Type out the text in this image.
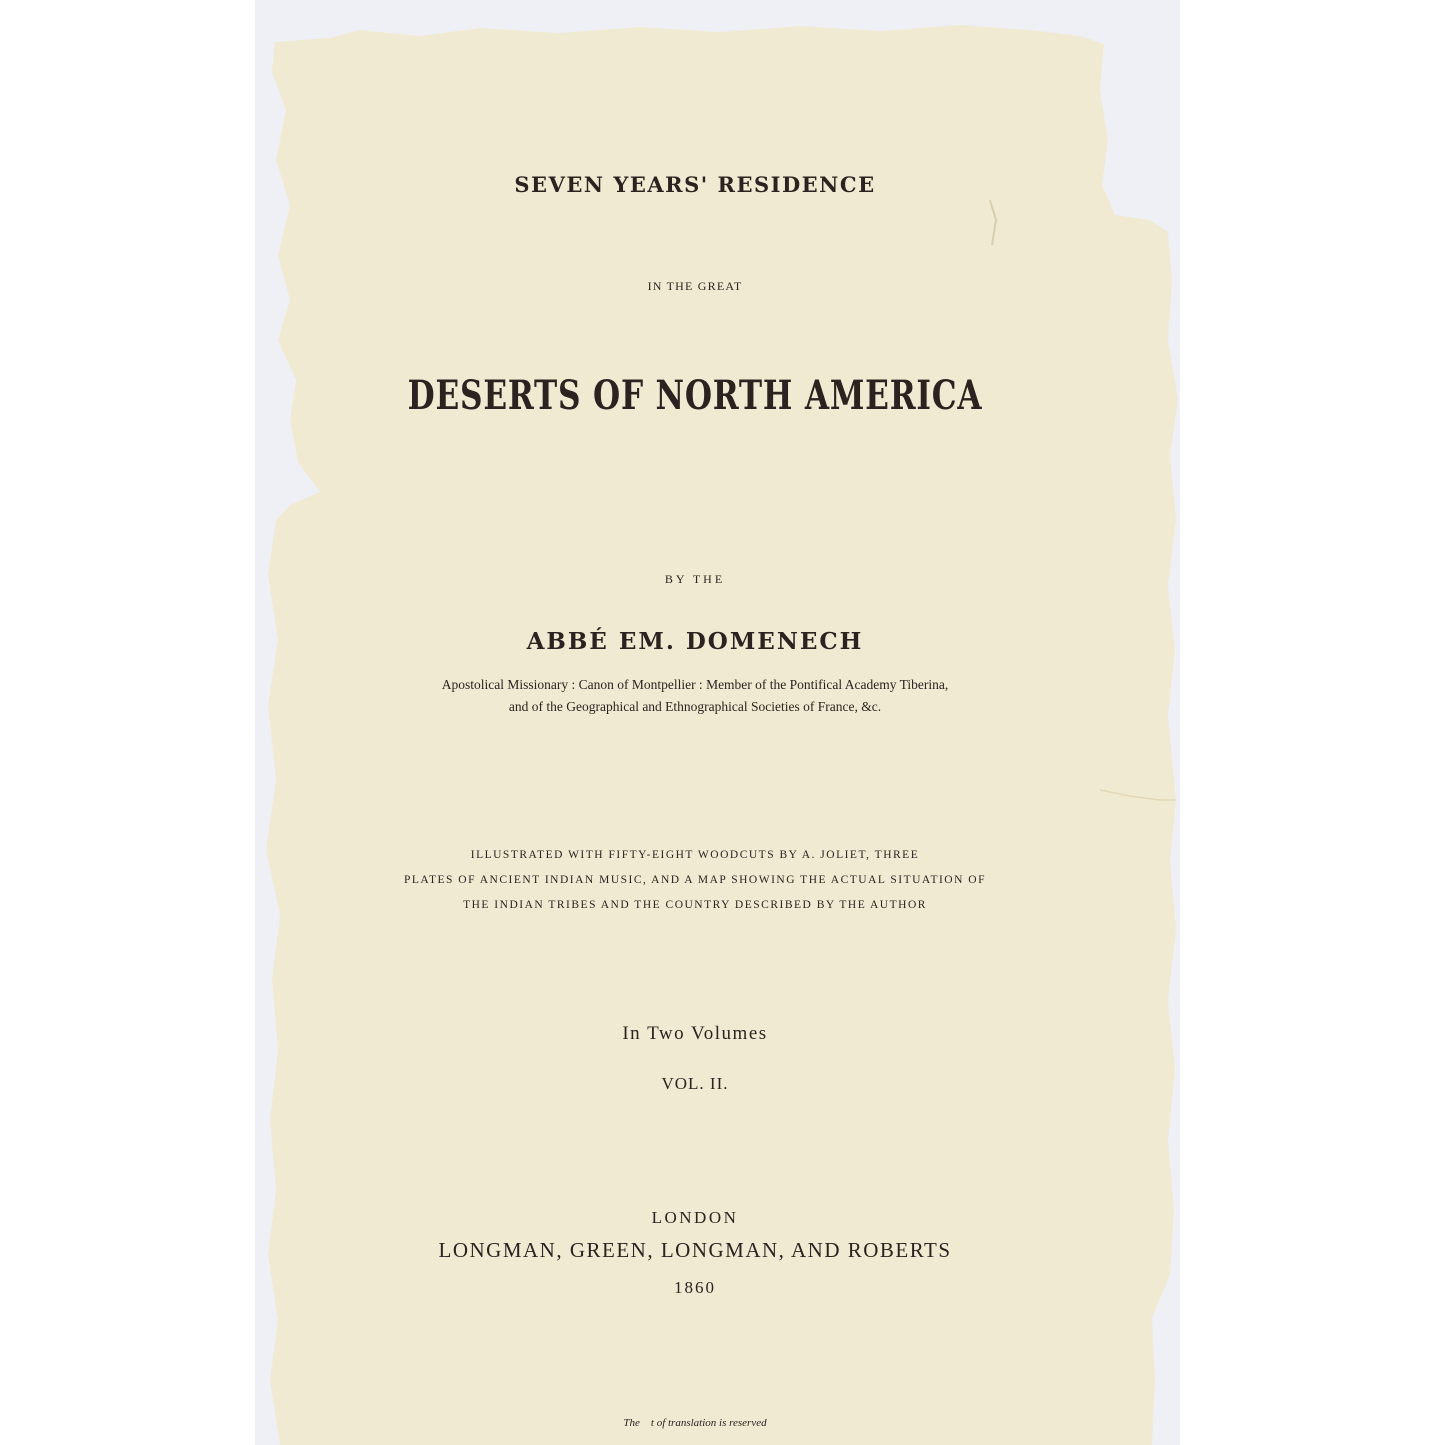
SEVEN YEARS' RESIDENCE
IN THE GREAT
DESERTS OF NORTH AMERICA
BY THE
ABBÉ EM. DOMENECH
Apostolical Missionary : Canon of Montpellier : Member of the Pontifical Academy Tiberina,
and of the Geographical and Ethnographical Societies of France, &c.
ILLUSTRATED WITH FIFTY-EIGHT WOODCUTS BY A. JOLIET, THREE
PLATES OF ANCIENT INDIAN MUSIC, AND A MAP SHOWING THE ACTUAL SITUATION OF
THE INDIAN TRIBES AND THE COUNTRY DESCRIBED BY THE AUTHOR
In Two Volumes
VOL. II.
LONDON
LONGMAN, GREEN, LONGMAN, AND ROBERTS
1860
The    t of translation is reserved
